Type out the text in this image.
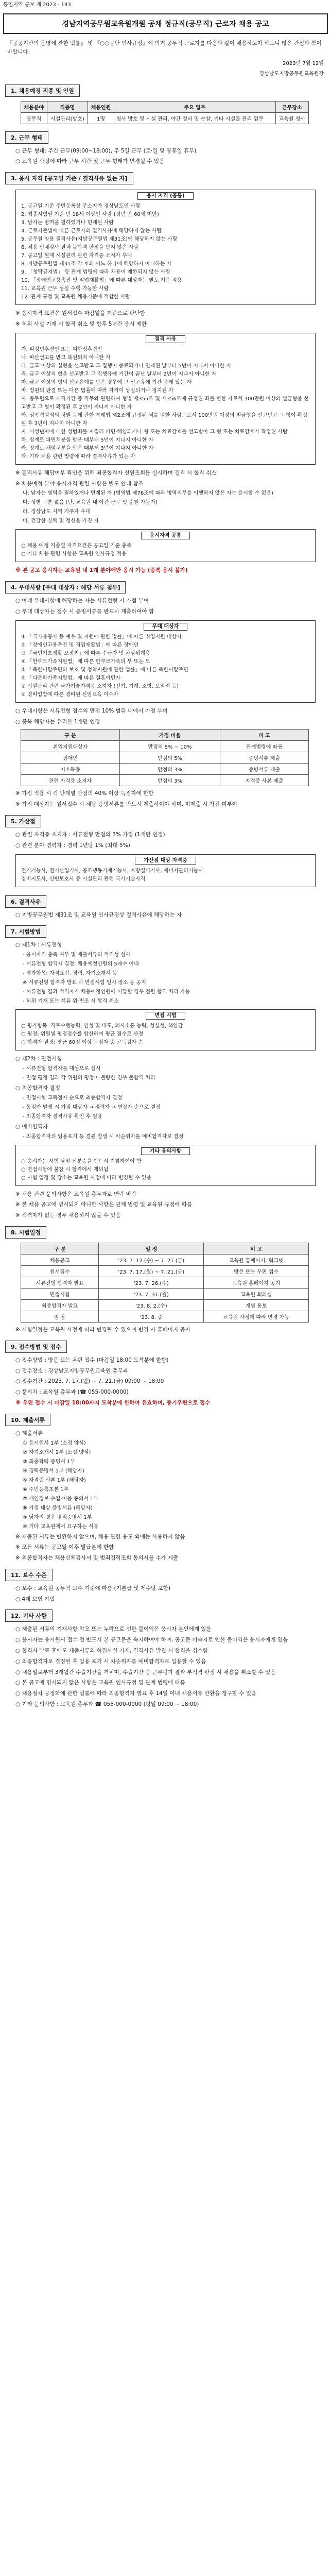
통영지역 공보 제 2023 - 143
경남지역공무원교육원개원 공채 정규직(공무직) 근로자 채용 공고
『공공기관의 운영에 관한 법률』 및 『○○공단 인사규정』에 의거 공무직 근로자를 다음과 같이 채용하고자 하오니 많은 관심과 참여 바랍니다.
2023년 7월 12일
경상남도지방공무원교육원장
1. 채용예정 직종 및 인원
채용분야	직종명	채용인원	주요 업무	근무장소
공무직	시설관리(방호)	1명	청사 방호 및 시설 관리, 야간 경비 및 순찰, 기타 시설물 관리 업무	교육원 청사
2. 근무 형태
○ 근무 형태: 주간 근무(09:00~18:00), 주 5일 근무 (토·일 및 공휴일 휴무)
○ 교육원 사정에 따라 근무 시간 및 근무 형태가 변경될 수 있음
3. 응시 자격 [공고일 기준 / 결격사유 없는 자]
응시 자격 (공통)
1. 공고일 기준 주민등록상 주소지가 경상남도인 사람
2. 최종시험일 기준 만 18세 이상인 사람 (정년 만 60세 미만)
3. 남자는 병역을 필하였거나 면제된 사람
4. 근로기준법에 따른 근로자의 결격사유에 해당하지 않는 사람
5. 공무원 임용 결격사유(지방공무원법 제31조)에 해당하지 않는 사람
6. 채용 신체검사 결과 불합격 판정을 받지 않은 사람
7. 공고일 현재 시설관리 관련 자격증 소지자 우대
8. 지방공무원법 제31조 각 호의 어느 하나에 해당하지 아니하는 자
9. 「청탁금지법」 등 관계 법령에 따라 채용이 제한되지 않는 사람
10. 「장애인고용촉진 및 직업재활법」에 따른 대상자는 별도 기준 적용
11. 교육원 근무 성실 수행 가능한 사람
12. 관계 규정 및 교육원 채용기준에 적합한 사람
※ 응시자격 요건은 원서접수 마감일을 기준으로 판단함
※ 허위 사실 기재 시 합격 취소 및 향후 5년간 응시 제한
결격 사유
가. 피성년후견인 또는 피한정후견인
나. 파산선고를 받고 복권되지 아니한 자
다. 금고 이상의 실형을 선고받고 그 집행이 종료되거나 면제된 날부터 5년이 지나지 아니한 자
라. 금고 이상의 형을 선고받고 그 집행유예 기간이 끝난 날부터 2년이 지나지 아니한 자
마. 금고 이상의 형의 선고유예를 받은 경우에 그 선고유예 기간 중에 있는 자
바. 법원의 판결 또는 다른 법률에 따라 자격이 상실되거나 정지된 자
사. 공무원으로 재직기간 중 직무와 관련하여 형법 제355조 및 제356조에 규정된 죄를 범한 자로서 300만원 이상의 벌금형을 선고받고 그 형이 확정된 후 2년이 지나지 아니한 자
아. 성폭력범죄의 처벌 등에 관한 특례법 제2조에 규정된 죄를 범한 사람으로서 100만원 이상의 벌금형을 선고받고 그 형이 확정된 후 3년이 지나지 아니한 자
자. 미성년자에 대한 성범죄를 저질러 파면·해임되거나 형 또는 치료감호를 선고받아 그 형 또는 치료감호가 확정된 사람
차. 징계로 파면처분을 받은 때부터 5년이 지나지 아니한 자
카. 징계로 해임처분을 받은 때부터 3년이 지나지 아니한 자
타. 기타 채용 관련 법령에 따라 결격사유가 있는 자
※ 결격사유 해당여부 확인을 위해 최종합격자 신원조회를 실시하며 결격 시 합격 취소
※ 채용예정 분야 응시자격 관련 사항은 별도 안내 참조
나. 남자는 병역을 필하였거나 면제된 자 (병역법 제76조에 따라 병역의무를 이행하지 않은 자는 응시할 수 없음)
다. 성별 구분 없음 (단, 교육원 내 야간 근무 및 순찰 가능자)
라. 경상남도 지역 거주자 우대
마. 건강한 신체 및 정신을 가진 자
응시자격 공통
○ 채용 예정 직종별 자격요건은 공고일 기준 충족
○ 기타 채용 관련 사항은 교육원 인사규정 적용
※ 본 공고 응시자는 교육원 내 1개 분야에만 응시 가능 (중복 응시 불가)
4. 우대사항 [우대 대상자 : 해당 서류 첨부]
○ 아래 우대사항에 해당하는 자는 서류전형 시 가점 부여
○ 우대 대상자는 접수 시 증빙서류를 반드시 제출하여야 함
우대 대상자
① 「국가유공자 등 예우 및 지원에 관한 법률」에 따른 취업지원 대상자
② 「장애인고용촉진 및 직업재활법」에 따른 장애인
③ 「국민기초생활 보장법」에 따른 수급자 및 차상위계층
④ 「한부모가족지원법」에 따른 한부모가족의 부 또는 모
⑤ 「북한이탈주민의 보호 및 정착지원에 관한 법률」에 따른 북한이탈주민
⑥ 「다문화가족지원법」에 따른 결혼이민자
⑦ 시설관리 관련 국가기술자격증 소지자 (전기, 기계, 소방, 보일러 등)
⑧ 경비업법에 따른 경비원 신임교육 이수자
○ 우대사항은 서류전형 점수의 만점 10% 범위 내에서 가점 부여
○ 중복 해당자는 유리한 1개만 인정
구 분	가점 비율	비 고
취업지원대상자	만점의 5% ~ 10%	관계법령에 따름
장애인	만점의 5%	증빙서류 제출
저소득층	만점의 3%	증빙서류 제출
관련 자격증 소지자	만점의 3%	자격증 사본 제출
※ 가점 적용 시 각 단계별 만점의 40% 이상 득점자에 한함
※ 가점 대상자는 원서접수 시 해당 증빙서류를 반드시 제출하여야 하며, 미제출 시 가점 미부여
5. 가산점
○ 관련 자격증 소지자 : 서류전형 만점의 3% 가점 (1개만 인정)
○ 관련 분야 경력자 : 경력 1년당 1% (최대 5%)
가산점 대상 자격증
전기기능사, 전기산업기사, 공조냉동기계기능사, 소방설비기사, 에너지관리기능사
경비지도사, 신변보호사 등 시설관리 관련 국가기술자격
6. 결격사유
○ 지방공무원법 제31조 및 교육원 인사규정상 결격사유에 해당하는 자
7. 시험방법
○ 제1차 : 서류전형
- 응시자격 충족 여부 및 제출서류의 적격성 심사
- 서류전형 합격자 결정: 채용예정인원의 5배수 이내
- 평가항목: 자격요건, 경력, 자기소개서 등
※ 서류전형 합격자 발표 시 면접시험 일시·장소 등 공지
- 서류전형 결과 적격자가 채용예정인원에 미달할 경우 전원 합격 처리 가능
- 허위 기재 또는 서류 위·변조 시 합격 취소
면접 시험
○ 평가항목: 직무수행능력, 인성 및 태도, 의사소통 능력, 성실성, 책임감
○ 평정: 위원별 평정점수를 합산하여 평균 점수로 산정
○ 합격자 결정: 평균 60점 이상 득점자 중 고득점자 순
○ 제2차 : 면접시험
- 서류전형 합격자를 대상으로 실시
- 면접 평정 결과 각 위원의 평정이 불량한 경우 불합격 처리
○ 최종합격자 결정
- 면접시험 고득점자 순으로 최종합격자 결정
- 동점자 발생 시 가점 대상자 → 경력자 → 연장자 순으로 결정
- 최종합격자 결격사유 확인 후 임용
○ 예비합격자
- 최종합격자의 임용포기 등 결원 발생 시 차순위자를 예비합격자로 결정
기타 유의사항
○ 응시자는 시험 당일 신분증을 반드시 지참하여야 함
○ 면접시험에 불참 시 합격에서 제외됨
○ 시험 일정 및 장소는 교육원 사정에 따라 변경될 수 있음
※ 채용 관련 문의사항은 교육원 총무과로 연락 바람
※ 본 채용 공고에 명시되지 아니한 사항은 관계 법령 및 교육원 규정에 따름
※ 적격자가 없는 경우 채용하지 않을 수 있음
8. 시험일정
구 분	일 정	비 고
채용공고	'23. 7. 12.(수) ~ 7. 21.(금)	교육원 홈페이지, 워크넷
원서접수	'23. 7. 17.(월) ~ 7. 21.(금)	방문 또는 우편 접수
서류전형 합격자 발표	'23. 7. 26.(수)	교육원 홈페이지 공지
면접시험	'23. 7. 31.(월)	교육원 회의실
최종합격자 발표	'23. 8. 2.(수)	개별 통보
임 용	'23. 8. 중	교육원 사정에 따라 변경 가능
※ 시험일정은 교육원 사정에 따라 변경될 수 있으며 변경 시 홈페이지 공지
9. 접수방법 및 접수
○ 접수방법 : 방문 또는 우편 접수 (마감일 18:00 도착분에 한함)
○ 접수장소 : 경상남도지방공무원교육원 총무과
○ 접수기간 : 2023. 7. 17.(월) ~ 7. 21.(금) 09:00 ~ 18:00
○ 문의처 : 교육원 총무과 (☎ 055-000-0000)
※ 우편 접수 시 마감일 18:00까지 도착분에 한하여 유효하며, 등기우편으로 접수
10. 제출서류
○ 제출서류
① 응시원서 1부 (소정 양식)
② 자기소개서 1부 (소정 양식)
③ 최종학력 증명서 1부
④ 경력증명서 1부 (해당자)
⑤ 자격증 사본 1부 (해당자)
⑥ 주민등록초본 1부
⑦ 개인정보 수집·이용 동의서 1부
⑧ 가점 대상 증빙서류 (해당자)
⑨ 남자의 경우 병적증명서 1부
⑩ 기타 교육원에서 요구하는 서류
※ 제출된 서류는 반환하지 않으며, 채용 관련 용도 외에는 사용하지 않음
※ 모든 서류는 공고일 이후 발급분에 한함
※ 최종합격자는 채용신체검사서 및 범죄경력조회 동의서를 추가 제출
11. 보수 수준
○ 보수 : 교육원 공무직 보수 기준에 따름 (기본급 및 제수당 포함)
○ 4대 보험 가입
12. 기타 사항
○ 제출된 서류의 기재사항 착오 또는 누락으로 인한 불이익은 응시자 본인에게 있음
○ 응시자는 응시원서 접수 전 반드시 본 공고문을 숙지하여야 하며, 공고문 미숙지로 인한 불이익은 응시자에게 있음
○ 합격자 발표 후에도 제출서류의 허위사실 기재, 결격사유 발견 시 합격을 취소함
○ 최종합격자로 결정된 후 임용 포기 시 차순위자를 예비합격자로 임용할 수 있음
○ 채용일로부터 3개월간 수습기간을 거치며, 수습기간 중 근무평가 결과 부적격 판정 시 채용을 취소할 수 있음
○ 본 공고에 명시되지 않은 사항은 교육원 인사규정 및 관계 법령에 따름
○ 채용절차 공정화에 관한 법률에 따라 최종합격자 발표 후 14일 이내 채용서류 반환을 청구할 수 있음
○ 기타 문의사항 : 교육원 총무과 ☎ 055-000-0000 (평일 09:00 ~ 18:00)
